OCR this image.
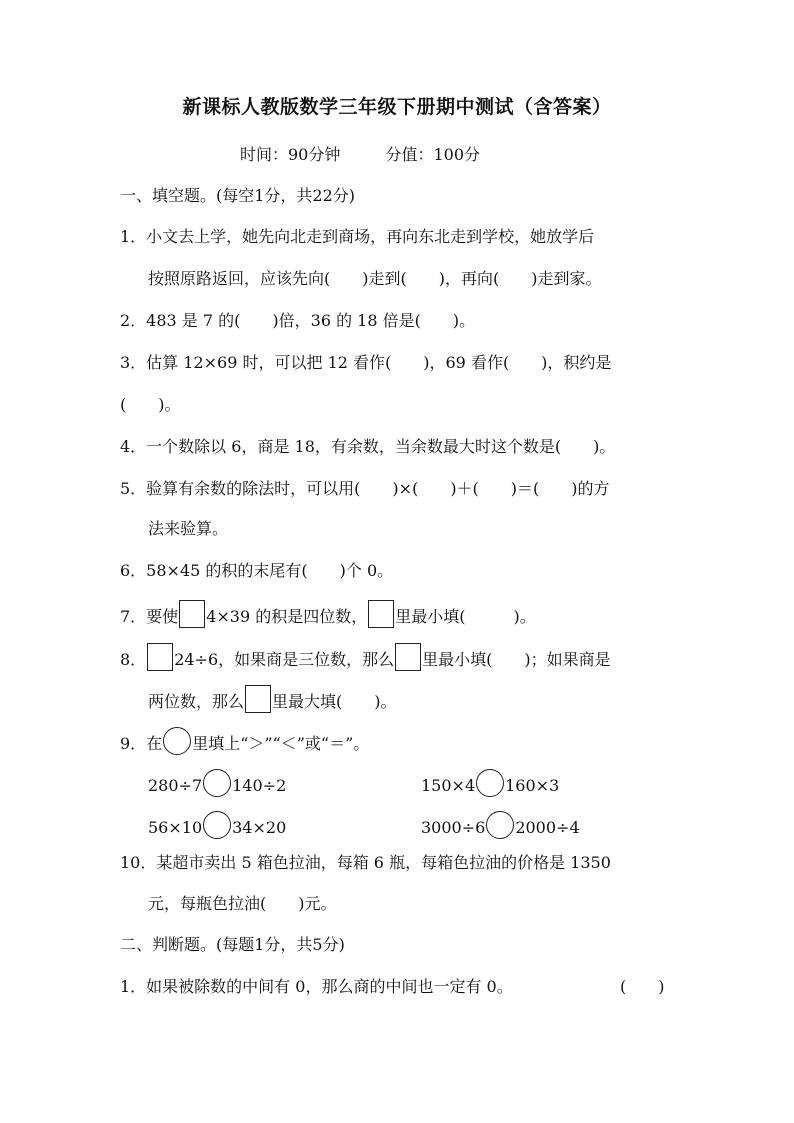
新课标人教版数学三年级下册期中测试（含答案）
时间：90分钟	分值：100分
一、填空题。(每空1分，共22分)
1．小文去上学，她先向北走到商场，再向东北走到学校，她放学后
按照原路返回，应该先向(　　)走到(　　)，再向(　　)走到家。
2．483 是 7 的(　　)倍，36 的 18 倍是(　　)。
3．估算 12×69 时，可以把 12 看作(　　)，69 看作(　　)，积约是
(　　)。
4．一个数除以 6，商是 18，有余数，当余数最大时这个数是(　　)。
5．验算有余数的除法时，可以用(　　)×(　　)＋(　　)＝(　　)的方
法来验算。
6．58×45 的积的末尾有(　　)个 0。
7．要使 4×39 的积是四位数， 里最小填(　　　)。
8． 24÷6，如果商是三位数，那么 里最小填(　　)；如果商是
两位数，那么 里最大填(　　)。
9．在 里填上“＞”“＜”或“＝”。
280÷7 140÷2	150×4 160×3
56×10 34×20	3000÷6 2000÷4
10．某超市卖出 5 箱色拉油，每箱 6 瓶，每箱色拉油的价格是 1350
元，每瓶色拉油(　　)元。
二、判断题。(每题1分，共5分)
1．如果被除数的中间有 0，那么商的中间也一定有 0。	(　　)
